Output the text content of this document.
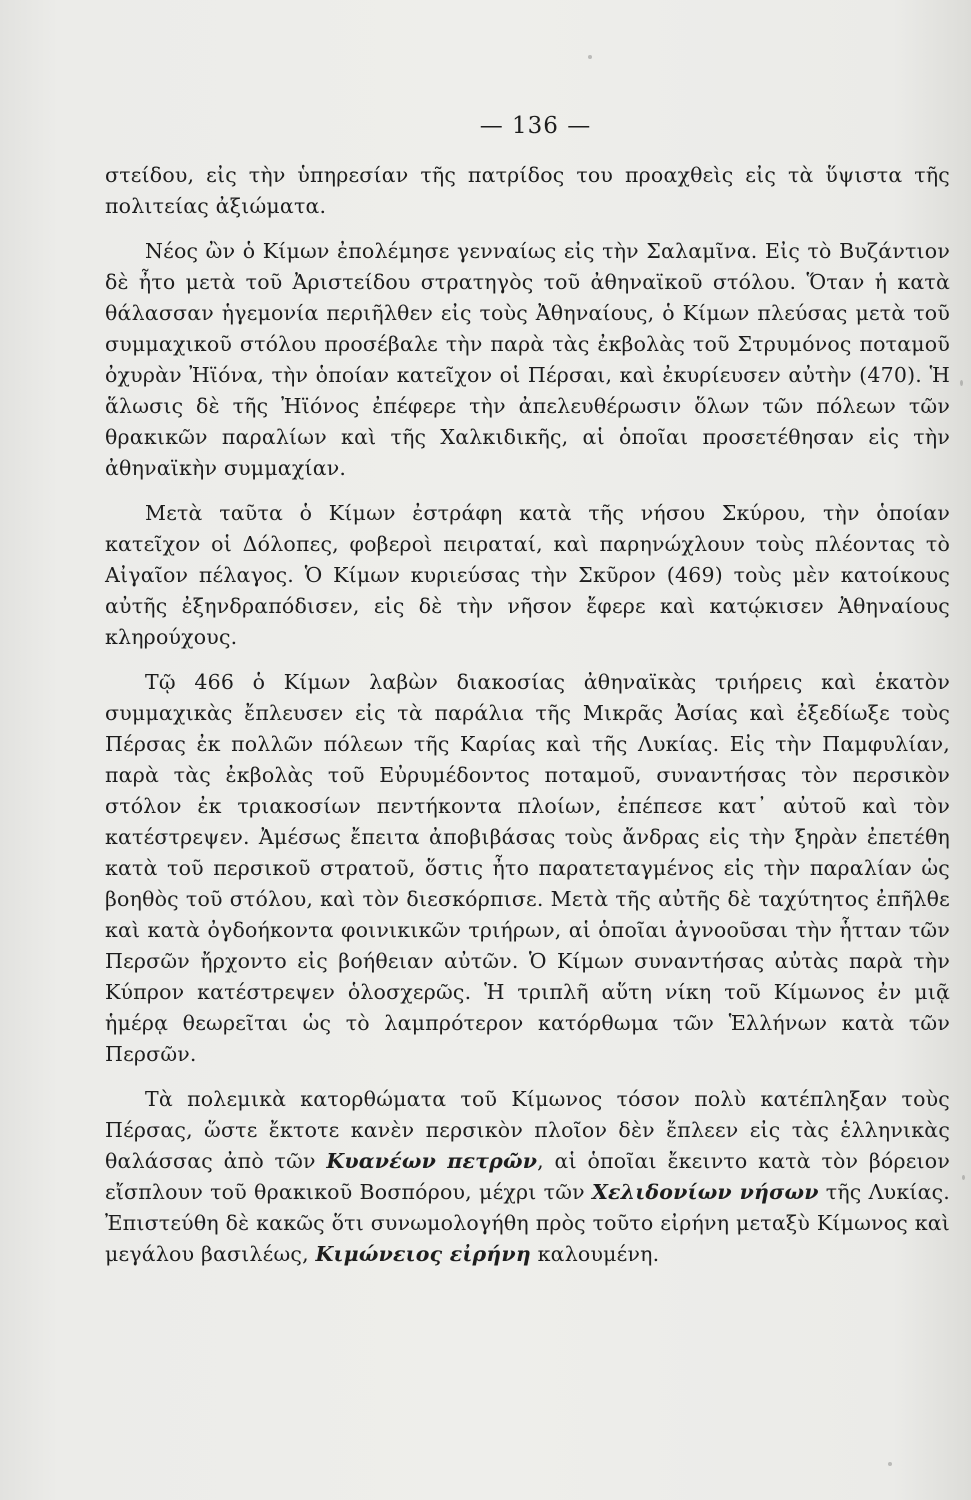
— 136 —

στείδου, εἰς τὴν ὑπηρεσίαν τῆς πατρίδος του προαχθεὶς εἰς τὰ ὕψιστα τῆς πολιτείας ἀξιώματα.

Νέος ὢν ὁ Κίμων ἐπολέμησε γενναίως εἰς τὴν Σαλαμῖνα. Εἰς τὸ Βυζάντιον δὲ ἦτο μετὰ τοῦ Ἀριστείδου στρατηγὸς τοῦ ἀθηναϊκοῦ στόλου. Ὅταν ἡ κατὰ θάλασσαν ἡγεμονία περιῆλθεν εἰς τοὺς Ἀθηναίους, ὁ Κίμων πλεύσας μετὰ τοῦ συμμαχικοῦ στόλου προσέβαλε τὴν παρὰ τὰς ἐκβολὰς τοῦ Στρυμόνος ποταμοῦ ὀχυρὰν Ἠϊόνα, τὴν ὁποίαν κατεῖχον οἱ Πέρσαι, καὶ ἐκυρίευσεν αὐτὴν (470). Ἡ ἅλωσις δὲ τῆς Ἠϊόνος ἐπέφερε τὴν ἀπελευθέρωσιν ὅλων τῶν πόλεων τῶν θρακικῶν παραλίων καὶ τῆς Χαλκιδικῆς, αἱ ὁποῖαι προσετέθησαν εἰς τὴν ἀθηναϊκὴν συμμαχίαν.

Μετὰ ταῦτα ὁ Κίμων ἐστράφη κατὰ τῆς νήσου Σκύρου, τὴν ὁποίαν κατεῖχον οἱ Δόλοπες, φοβεροὶ πειραταί, καὶ παρηνώχλουν τοὺς πλέοντας τὸ Αἰγαῖον πέλαγος. Ὁ Κίμων κυριεύσας τὴν Σκῦρον (469) τοὺς μὲν κατοίκους αὐτῆς ἐξηνδραπόδισεν, εἰς δὲ τὴν νῆσον ἔφερε καὶ κατῴκισεν Ἀθηναίους κληρούχους.

Τῷ 466 ὁ Κίμων λαβὼν διακοσίας ἀθηναϊκὰς τριήρεις καὶ ἑκατὸν συμμαχικὰς ἔπλευσεν εἰς τὰ παράλια τῆς Μικρᾶς Ἀσίας καὶ ἐξεδίωξε τοὺς Πέρσας ἐκ πολλῶν πόλεων τῆς Καρίας καὶ τῆς Λυκίας. Εἰς τὴν Παμφυλίαν, παρὰ τὰς ἐκβολὰς τοῦ Εὐρυμέδοντος ποταμοῦ, συναντήσας τὸν περσικὸν στόλον ἐκ τριακοσίων πεντήκοντα πλοίων, ἐπέπεσε κατ᾽ αὐτοῦ καὶ τὸν κατέστρεψεν. Ἀμέσως ἔπειτα ἀποβιβάσας τοὺς ἄνδρας εἰς τὴν ξηρὰν ἐπετέθη κατὰ τοῦ περσικοῦ στρατοῦ, ὅστις ἦτο παρατεταγμένος εἰς τὴν παραλίαν ὡς βοηθὸς τοῦ στόλου, καὶ τὸν διεσκόρπισε. Μετὰ τῆς αὐτῆς δὲ ταχύτητος ἐπῆλθε καὶ κατὰ ὀγδοήκοντα φοινικικῶν τριήρων, αἱ ὁποῖαι ἀγνοοῦσαι τὴν ἧτταν τῶν Περσῶν ἤρχοντο εἰς βοήθειαν αὐτῶν. Ὁ Κίμων συναντήσας αὐτὰς παρὰ τὴν Κύπρον κατέστρεψεν ὁλοσχερῶς. Ἡ τριπλῆ αὕτη νίκη τοῦ Κίμωνος ἐν μιᾷ ἡμέρᾳ θεωρεῖται ὡς τὸ λαμπρότερον κατόρθωμα τῶν Ἑλλήνων κατὰ τῶν Περσῶν.

Τὰ πολεμικὰ κατορθώματα τοῦ Κίμωνος τόσον πολὺ κατέπληξαν τοὺς Πέρσας, ὥστε ἔκτοτε κανὲν περσικὸν πλοῖον δὲν ἔπλεεν εἰς τὰς ἑλληνικὰς θαλάσσας ἀπὸ τῶν Κυανέων πετρῶν, αἱ ὁποῖαι ἔκειντο κατὰ τὸν βόρειον εἴσπλουν τοῦ θρακικοῦ Βοσπόρου, μέχρι τῶν Χελιδονίων νήσων τῆς Λυκίας. Ἐπιστεύθη δὲ κακῶς ὅτι συνωμολογήθη πρὸς τοῦτο εἰρήνη μεταξὺ Κίμωνος καὶ μεγάλου βασιλέως, Κιμώνειος εἰρήνη καλουμένη.
